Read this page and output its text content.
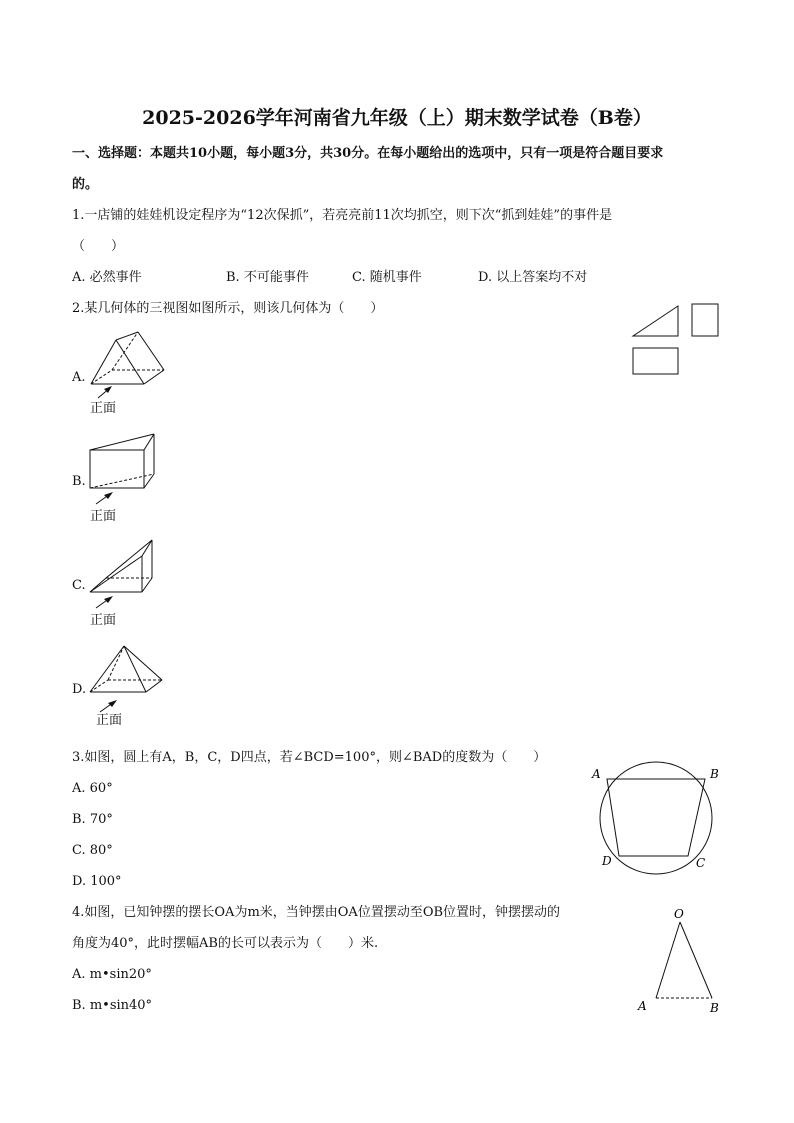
2025-2026学年河南省九年级（上）期末数学试卷（B卷）
一、选择题：本题共10小题，每小题3分，共30分。在每小题给出的选项中，只有一项是符合题目要求
的。
1.一店铺的娃娃机设定程序为“12次保抓”，若亮亮前11次均抓空，则下次“抓到娃娃”的事件是
（　　）
A. 必然事件	B. 不可能事件	C. 随机事件	D. 以上答案均不对
2.某几何体的三视图如图所示，则该几何体为（　　）
A.
正面
B.
正面
C.
正面
D.
正面
3.如图，圆上有A，B，C，D四点，若∠BCD=100°，则∠BAD的度数为（　　）
A. 60°
B. 70°
C. 80°
D. 100°
A	B
C
D
4.如图，已知钟摆的摆长OA为m米，当钟摆由OA位置摆动至OB位置时，钟摆摆动的
角度为40°，此时摆幅AB的长可以表示为（　　）米.
A. m•sin20°
B. m•sin40°
O
A	B
